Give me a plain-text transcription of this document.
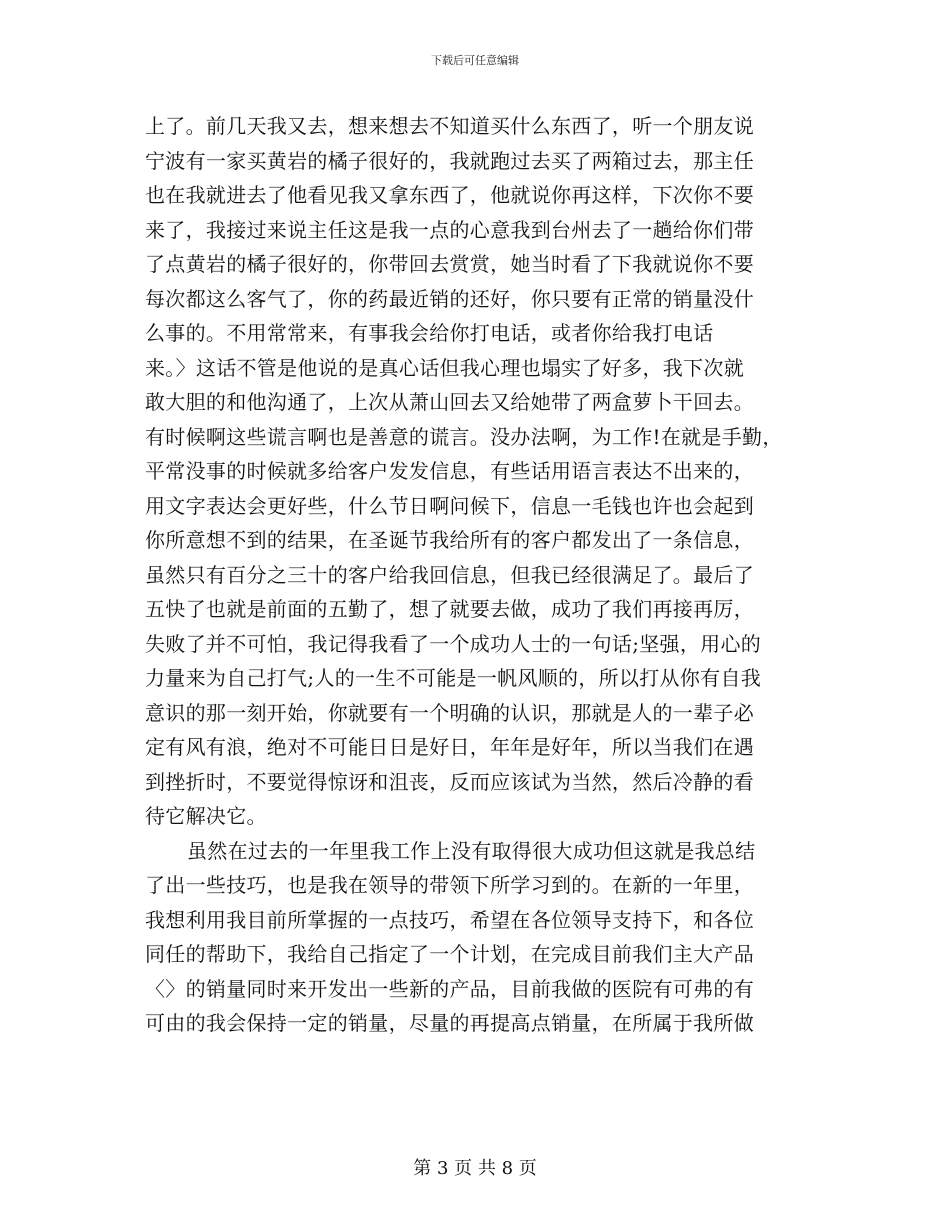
下载后可任意编辑
上了。前几天我又去，想来想去不知道买什么东西了，听一个朋友说
宁波有一家买黄岩的橘子很好的，我就跑过去买了两箱过去，那主任
也在我就进去了他看见我又拿东西了，他就说你再这样，下次你不要
来了，我接过来说主任这是我一点的心意我到台州去了一趟给你们带
了点黄岩的橘子很好的，你带回去赏赏，她当时看了下我就说你不要
每次都这么客气了，你的药最近销的还好，你只要有正常的销量没什
么事的。不用常常来，有事我会给你打电话，或者你给我打电话
来。〉这话不管是他说的是真心话但我心理也塌实了好多，我下次就
敢大胆的和他沟通了，上次从萧山回去又给她带了两盒萝卜干回去。
有时候啊这些谎言啊也是善意的谎言。没办法啊，为工作!在就是手勤，
平常没事的时候就多给客户发发信息，有些话用语言表达不出来的，
用文字表达会更好些，什么节日啊问候下，信息一毛钱也许也会起到
你所意想不到的结果，在圣诞节我给所有的客户都发出了一条信息，
虽然只有百分之三十的客户给我回信息，但我已经很满足了。最后了
五快了也就是前面的五勤了，想了就要去做，成功了我们再接再厉，
失败了并不可怕，我记得我看了一个成功人士的一句话;坚强，用心的
力量来为自己打气;人的一生不可能是一帆风顺的，所以打从你有自我
意识的那一刻开始，你就要有一个明确的认识，那就是人的一辈子必
定有风有浪，绝对不可能日日是好日，年年是好年，所以当我们在遇
到挫折时，不要觉得惊讶和沮丧，反而应该试为当然，然后冷静的看
待它解决它。
虽然在过去的一年里我工作上没有取得很大成功但这就是我总结
了出一些技巧，也是我在领导的带领下所学习到的。在新的一年里，
我想利用我目前所掌握的一点技巧，希望在各位领导支持下，和各位
同任的帮助下，我给自己指定了一个计划，在完成目前我们主大产品
〈〉的销量同时来开发出一些新的产品，目前我做的医院有可弗的有
可由的我会保持一定的销量，尽量的再提高点销量，在所属于我所做
第 3 页 共 8 页
